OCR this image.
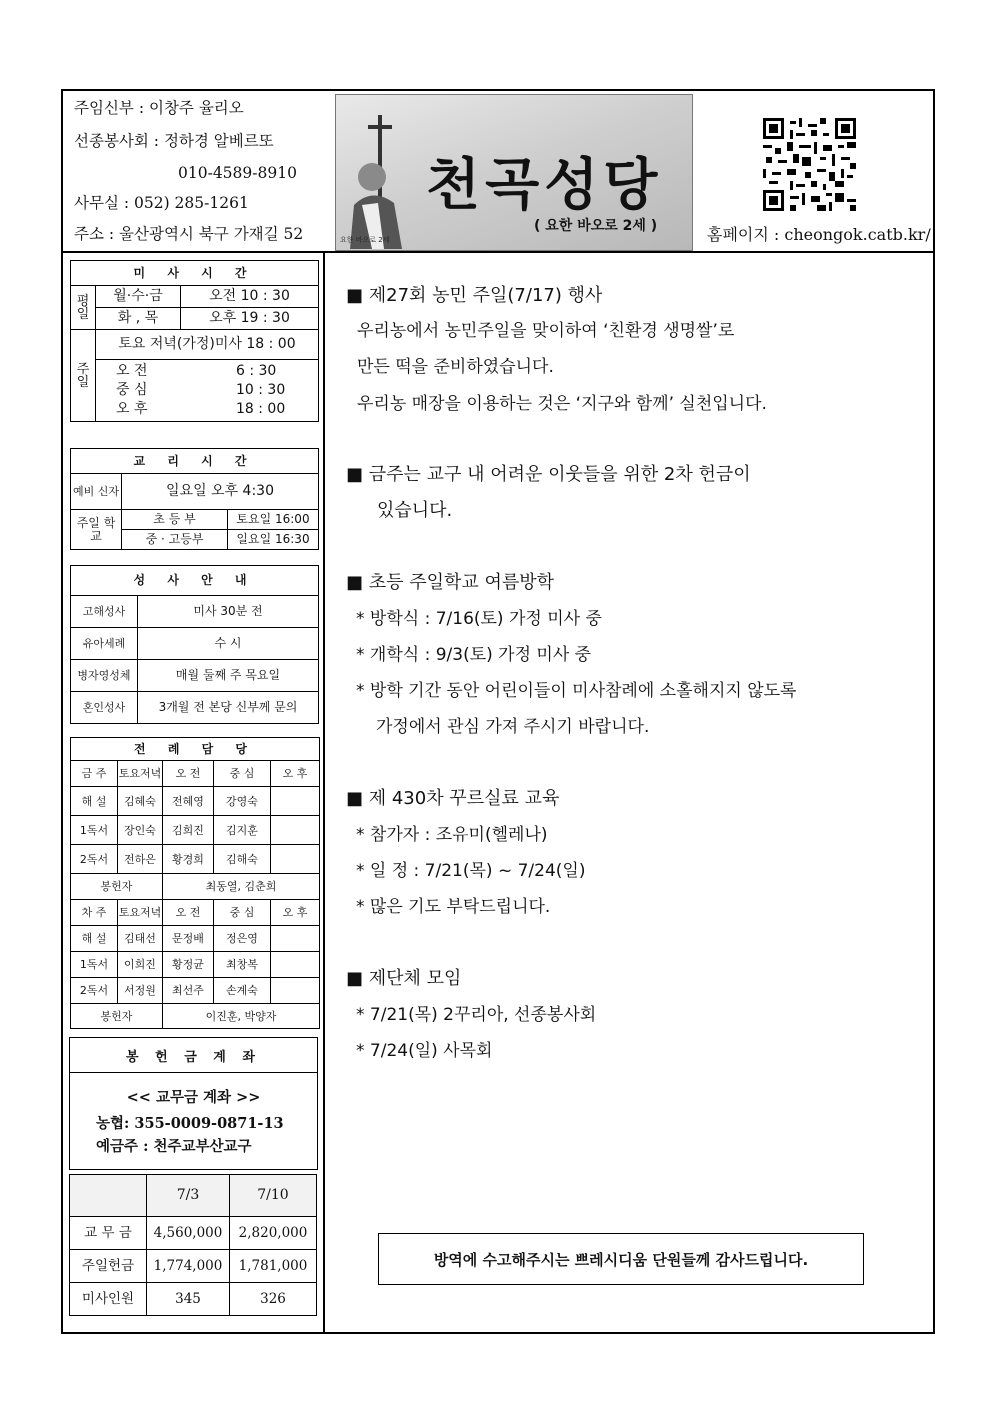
주임신부 : 이창주 율리오
선종봉사회 : 정하경 알베르또
010-4589-8910
사무실 : 052) 285-1261
주소 : 울산광역시 북구 가재길 52
천곡성당
( 요한 바오로 2세 )
요한 바오로 2세	홈페이지 : cheongok.catb.kr/
미 사 시 간		
평일	월·수·금	오전 10 : 30
	화 , 목	오후 19 : 30
주일	토요 저녁(가정)미사 18 : 00	

	오 전 6 : 30
중 심 10 : 30
오 후 18 : 00	
교 리 시 간		
예비 신자	일요일 오후 4:30	
주일 학교	초 등 부	토요일 16:00
	중 · 고등부	일요일 16:30
성 사 안 내	
고해성사	미사 30분 전
유아세례	수 시
병자영성체	매월 둘째 주 목요일
혼인성사	3개월 전 본당 신부께 문의
전 례 담 당				
금 주	토요저녁	오 전	중 심	오 후
해 설	김혜숙	전혜영	강영숙	
1독서	장인숙	김희진	김지훈	
2독서	전하은	황경희	김해숙	
봉헌자		최동열, 김춘희		
차 주	토요저녁	오 전	중 심	오 후
해 설	김태선	문정배	정은영	
1독서	이희진	황정균	최창복	
2독서	서정원	최선주	손계숙	
봉헌자		이진훈, 박양자		
봉 헌 금 계 좌
<< 교무금 계좌 >>
농협: 355-0009-0871-13
예금주 : 천주교부산교구
	7/3	7/10
교 무 금	4,560,000	2,820,000
주일헌금	1,774,000	1,781,000
미사인원	345	326
■ 제27회 농민 주일(7/17) 행사
우리농에서 농민주일을 맞이하여 ‘친환경 생명쌀’로
만든 떡을 준비하였습니다.
우리농 매장을 이용하는 것은 ‘지구와 함께’ 실천입니다.
■ 금주는 교구 내 어려운 이웃들을 위한 2차 헌금이
있습니다.
■ 초등 주일학교 여름방학
* 방학식 : 7/16(토) 가정 미사 중
* 개학식 : 9/3(토) 가정 미사 중
* 방학 기간 동안 어린이들이 미사참례에 소홀해지지 않도록
가정에서 관심 가져 주시기 바랍니다.
■ 제 430차 꾸르실료 교육
* 참가자 : 조유미(헬레나)
* 일 정 : 7/21(목) ~ 7/24(일)
* 많은 기도 부탁드립니다.
■ 제단체 모임
* 7/21(목) 2꾸리아, 선종봉사회
* 7/24(일) 사목회
방역에 수고해주시는 쁘레시디움 단원들께 감사드립니다.
